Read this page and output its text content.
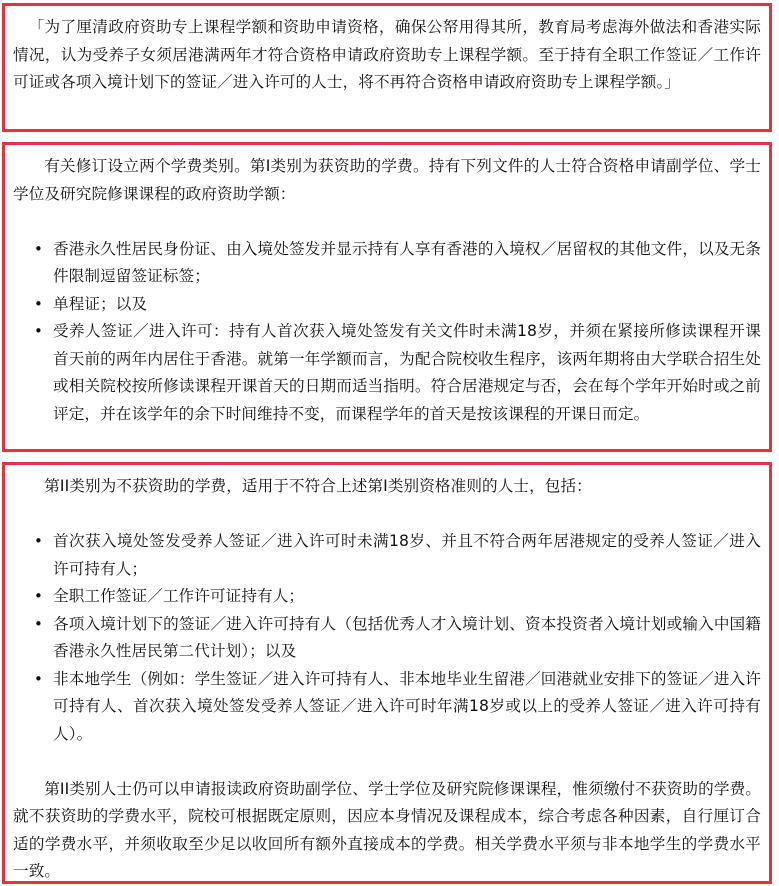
「为了厘清政府资助专上课程学额和资助申请资格，确保公帑用得其所，教育局考虑海外做法和香港实际情况，认为受养子女须居港满两年才符合资格申请政府资助专上课程学额。至于持有全职工作签证／工作许可证或各项入境计划下的签证／进入许可的人士，将不再符合资格申请政府资助专上课程学额。」

有关修订设立两个学费类别。第I类别为获资助的学费。持有下列文件的人士符合资格申请副学位、学士学位及研究院修课课程的政府资助学额：

• 香港永久性居民身份证、由入境处签发并显示持有人享有香港的入境权／居留权的其他文件，以及无条件限制逗留签证标签；
• 单程证；以及
• 受养人签证／进入许可：持有人首次获入境处签发有关文件时未满18岁，并须在紧接所修读课程开课首天前的两年内居住于香港。就第一年学额而言，为配合院校收生程序，该两年期将由大学联合招生处或相关院校按所修读课程开课首天的日期而适当指明。符合居港规定与否，会在每个学年开始时或之前评定，并在该学年的余下时间维持不变，而课程学年的首天是按该课程的开课日而定。

第II类别为不获资助的学费，适用于不符合上述第I类别资格准则的人士，包括：

• 首次获入境处签发受养人签证／进入许可时未满18岁、并且不符合两年居港规定的受养人签证／进入许可持有人；
• 全职工作签证／工作许可证持有人；
• 各项入境计划下的签证／进入许可持有人（包括优秀人才入境计划、资本投资者入境计划或输入中国籍香港永久性居民第二代计划）；以及
• 非本地学生（例如：学生签证／进入许可持有人、非本地毕业生留港／回港就业安排下的签证／进入许可持有人、首次获入境处签发受养人签证／进入许可时年满18岁或以上的受养人签证／进入许可持有人）。

第II类别人士仍可以申请报读政府资助副学位、学士学位及研究院修课课程，惟须缴付不获资助的学费。就不获资助的学费水平，院校可根据既定原则，因应本身情况及课程成本，综合考虑各种因素，自行厘订合适的学费水平，并须收取至少足以收回所有额外直接成本的学费。相关学费水平须与非本地学生的学费水平一致。
